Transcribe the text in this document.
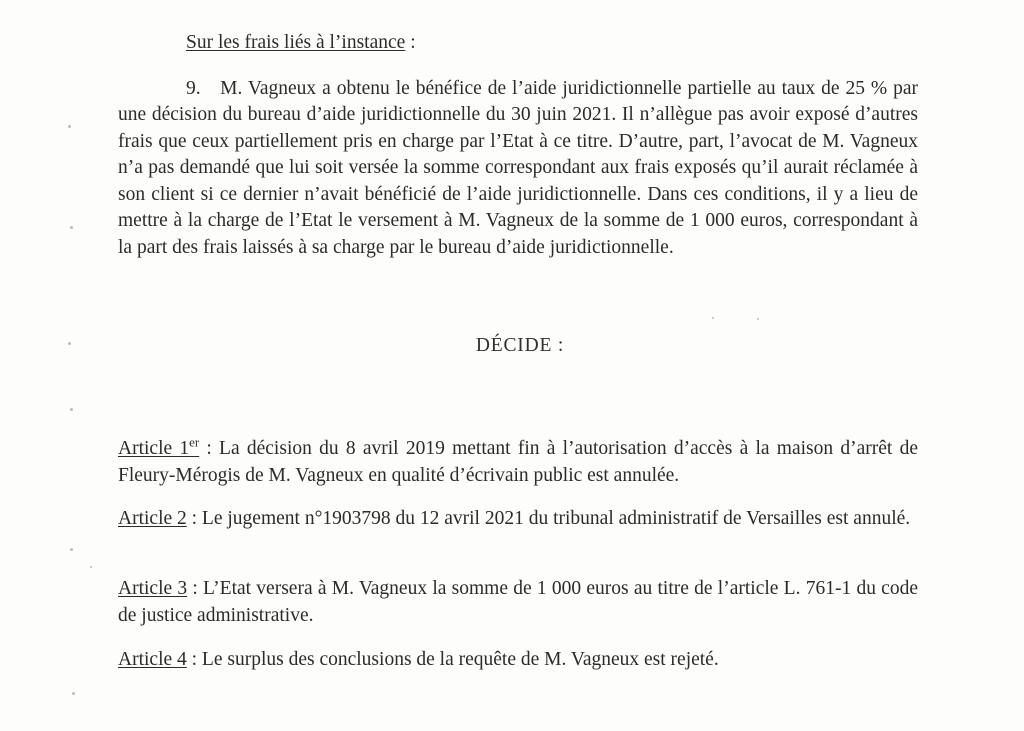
Sur les frais liés à l’instance :

9. M. Vagneux a obtenu le bénéfice de l’aide juridictionnelle partielle au taux de 25 % par une décision du bureau d’aide juridictionnelle du 30 juin 2021. Il n’allègue pas avoir exposé d’autres frais que ceux partiellement pris en charge par l’Etat à ce titre. D’autre, part, l’avocat de M. Vagneux n’a pas demandé que lui soit versée la somme correspondant aux frais exposés qu’il aurait réclamée à son client si ce dernier n’avait bénéficié de l’aide juridictionnelle. Dans ces conditions, il y a lieu de mettre à la charge de l’Etat le versement à M. Vagneux de la somme de 1 000 euros, correspondant à la part des frais laissés à sa charge par le bureau d’aide juridictionnelle.

DÉCIDE :

Article 1er : La décision du 8 avril 2019 mettant fin à l’autorisation d’accès à la maison d’arrêt de Fleury-Mérogis de M. Vagneux en qualité d’écrivain public est annulée.

Article 2 : Le jugement n°1903798 du 12 avril 2021 du tribunal administratif de Versailles est annulé.

Article 3 : L’Etat versera à M. Vagneux la somme de 1 000 euros au titre de l’article L. 761-1 du code de justice administrative.

Article 4 : Le surplus des conclusions de la requête de M. Vagneux est rejeté.
